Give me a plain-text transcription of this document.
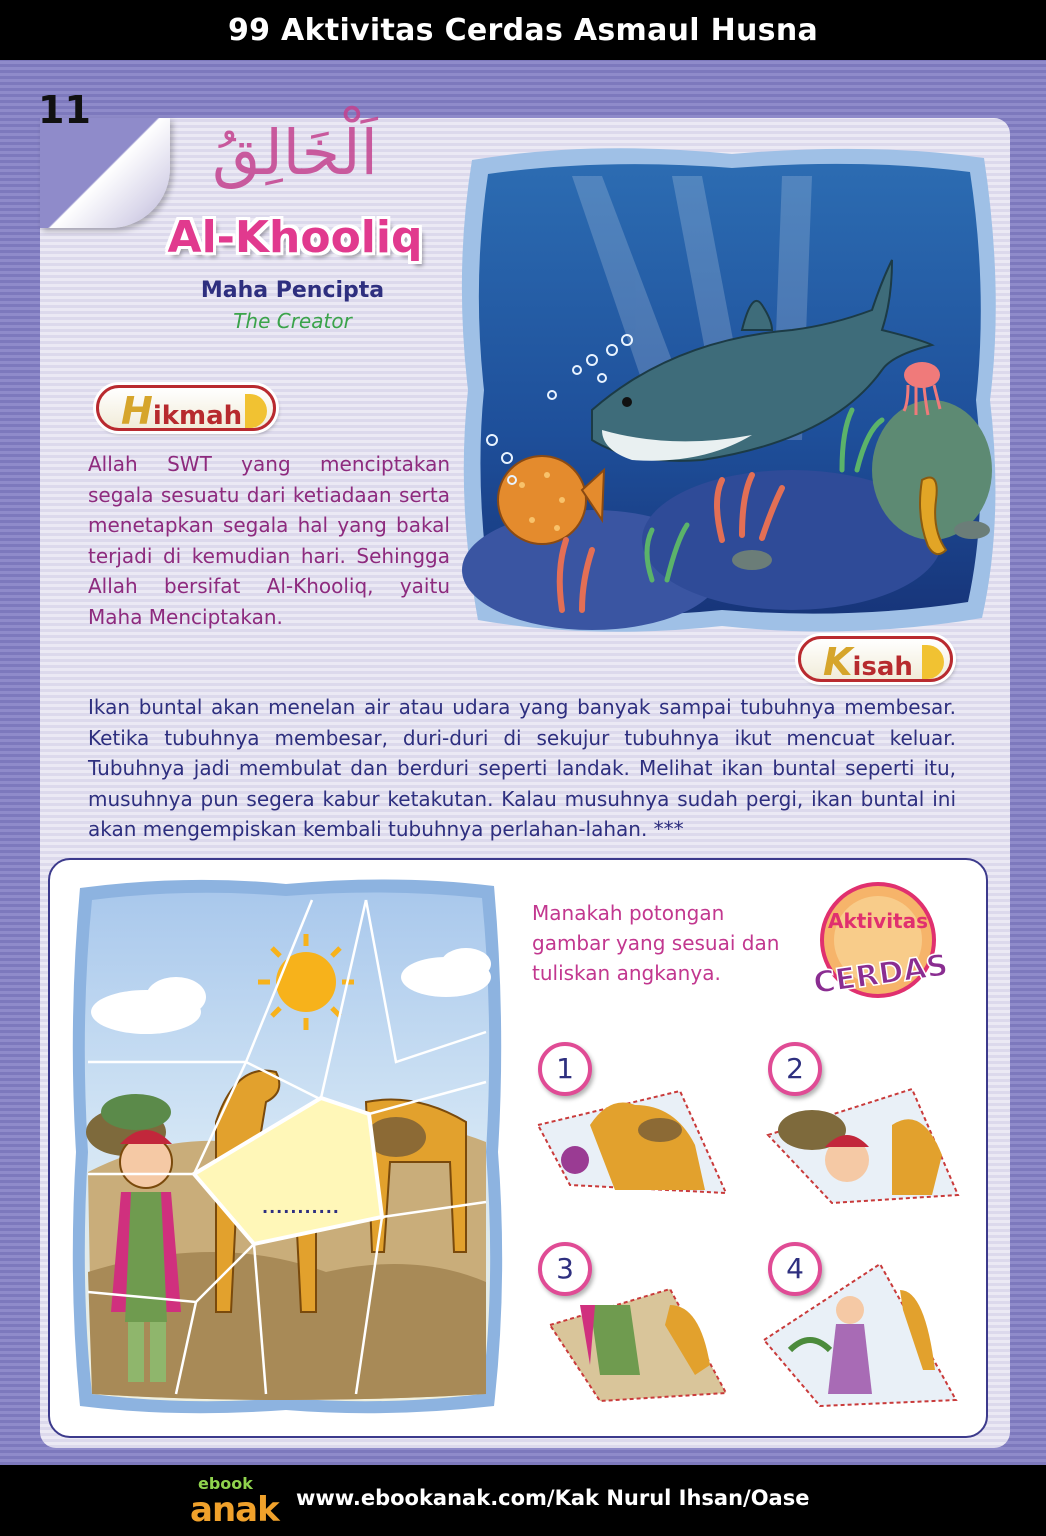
99 Aktivitas Cerdas Asmaul Husna
11
اَلْخَالِقُ
Al-Khooliq
Maha Pencipta
The Creator
Hikmah

Allah SWT yang menciptakan segala sesuatu dari ketiadaan serta menetapkan segala hal yang bakal terjadi di kemudian hari. Sehingga Allah bersifat Al-Khooliq, yaitu Maha Menciptakan.

Kisah

Ikan buntal akan menelan air atau udara yang banyak sampai tubuhnya membesar. Ketika tubuhnya membesar, duri-duri di sekujur tubuhnya ikut mencuat keluar. Tubuhnya jadi membulat dan berduri seperti landak. Melihat ikan buntal seperti itu, musuhnya pun segera kabur ketakutan. Kalau musuhnya sudah pergi, ikan buntal ini akan mengempiskan kembali tubuhnya perlahan-lahan. ***

...........

Manakah potongan gambar yang sesuai dan tuliskan angkanya.

Aktivitas
CERDAS
1	2
3	4
ebook
anak www.ebookanak.com/Kak Nurul Ihsan/Oase
